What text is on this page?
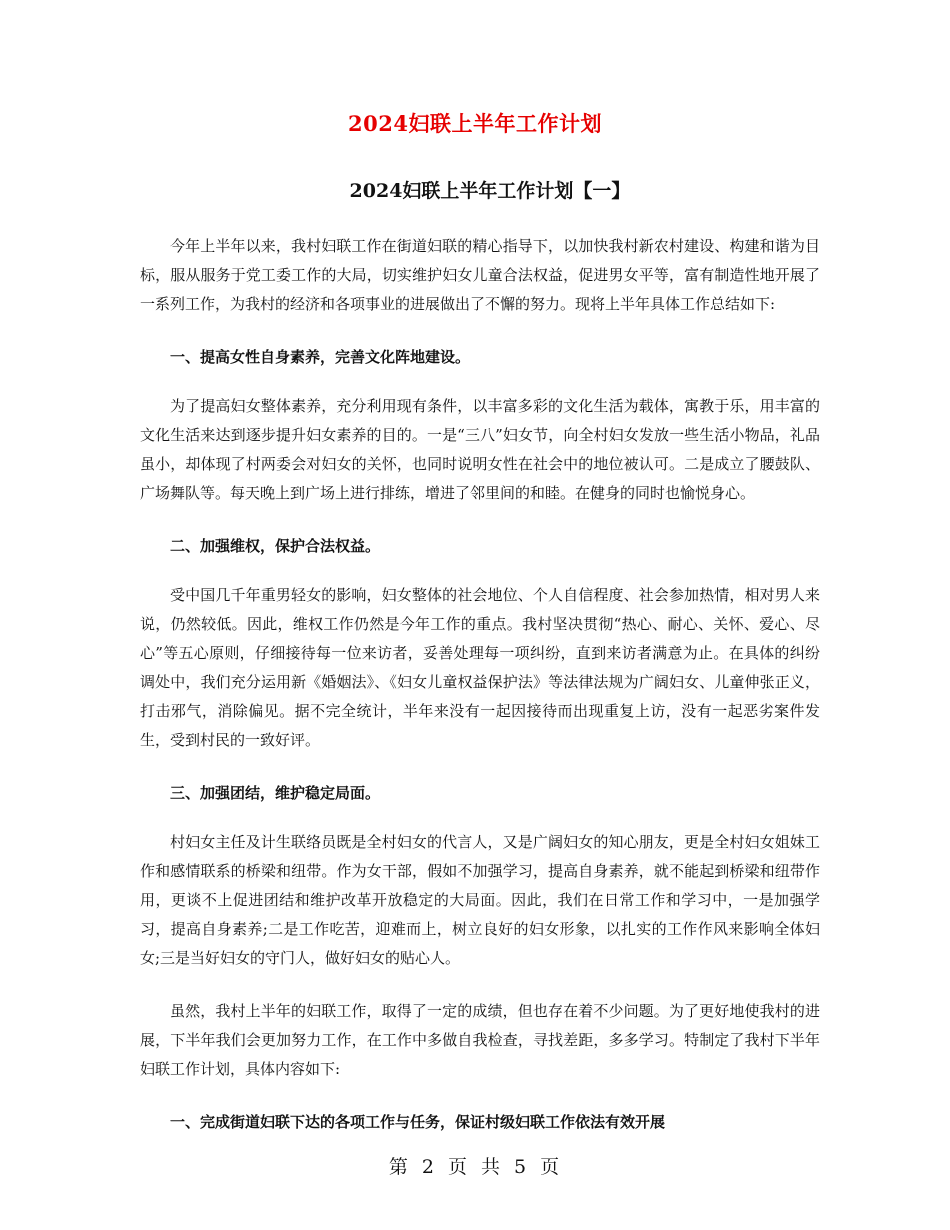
2024妇联上半年工作计划
2024妇联上半年工作计划【一】

今年上半年以来，我村妇联工作在街道妇联的精心指导下，以加快我村新农村建设、构建和谐为目标，服从服务于党工委工作的大局，切实维护妇女儿童合法权益，促进男女平等，富有制造性地开展了一系列工作，为我村的经济和各项事业的进展做出了不懈的努力。现将上半年具体工作总结如下:

一、提高女性自身素养，完善文化阵地建设。

为了提高妇女整体素养，充分利用现有条件，以丰富多彩的文化生活为载体，寓教于乐，用丰富的文化生活来达到逐步提升妇女素养的目的。一是“三八”妇女节，向全村妇女发放一些生活小物品，礼品虽小，却体现了村两委会对妇女的关怀，也同时说明女性在社会中的地位被认可。二是成立了腰鼓队、广场舞队等。每天晚上到广场上进行排练，增进了邻里间的和睦。在健身的同时也愉悦身心。

二、加强维权，保护合法权益。

受中国几千年重男轻女的影响，妇女整体的社会地位、个人自信程度、社会参加热情，相对男人来说，仍然较低。因此，维权工作仍然是今年工作的重点。我村坚决贯彻“热心、耐心、关怀、爱心、尽心”等五心原则，仔细接待每一位来访者，妥善处理每一项纠纷，直到来访者满意为止。在具体的纠纷调处中，我们充分运用新《婚姻法》、《妇女儿童权益保护法》等法律法规为广阔妇女、儿童伸张正义，打击邪气，消除偏见。据不完全统计，半年来没有一起因接待而出现重复上访，没有一起恶劣案件发生，受到村民的一致好评。

三、加强团结，维护稳定局面。

村妇女主任及计生联络员既是全村妇女的代言人，又是广阔妇女的知心朋友，更是全村妇女姐妹工作和感情联系的桥梁和纽带。作为女干部，假如不加强学习，提高自身素养，就不能起到桥梁和纽带作用，更谈不上促进团结和维护改革开放稳定的大局面。因此，我们在日常工作和学习中，一是加强学习，提高自身素养;二是工作吃苦，迎难而上，树立良好的妇女形象，以扎实的工作作风来影响全体妇女;三是当好妇女的守门人，做好妇女的贴心人。

虽然，我村上半年的妇联工作，取得了一定的成绩，但也存在着不少问题。为了更好地使我村的进展，下半年我们会更加努力工作，在工作中多做自我检查，寻找差距，多多学习。特制定了我村下半年妇联工作计划，具体内容如下:

一、完成街道妇联下达的各项工作与任务，保证村级妇联工作依法有效开展

第 2 页 共 5 页
